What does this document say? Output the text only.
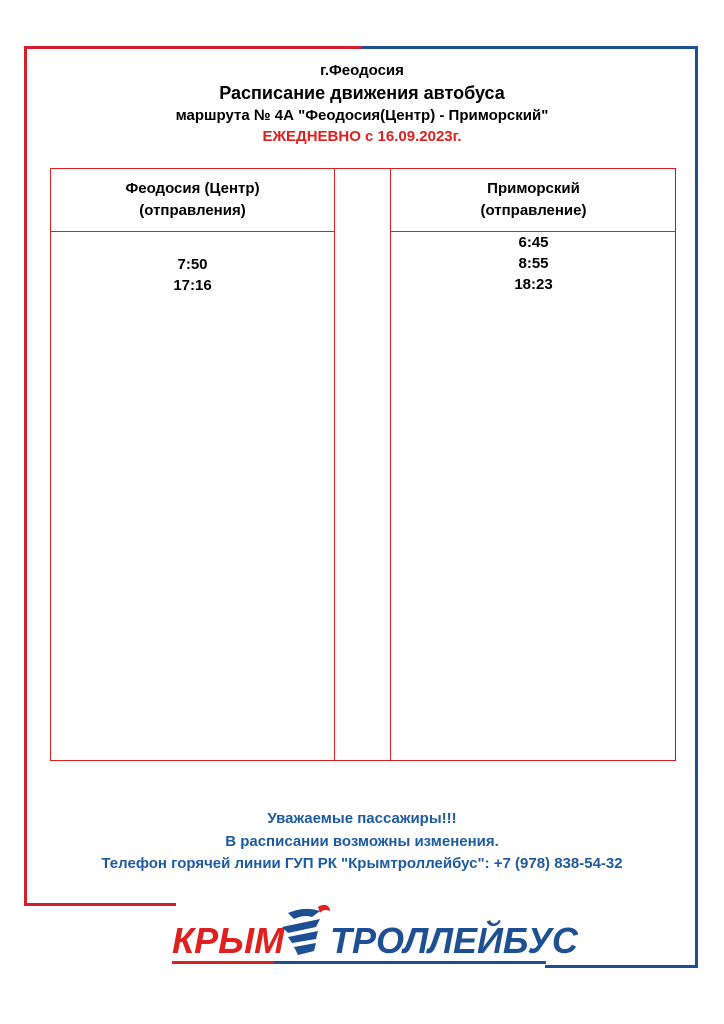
г.Феодосия
Расписание движения автобуса
маршрута № 4А "Феодосия(Центр) - Приморский"
ЕЖЕДНЕВНО с 16.09.2023г.
Феодосия (Центр)
(отправления)
Приморский
(отправление)
7:50
17:16
6:45
8:55
18:23
Уважаемые пассажиры!!!
В расписании возможны изменения.
Телефон горячей линии ГУП РК "Крымтроллейбус": +7 (978) 838-54-32
КРЫМ ТРОЛЛЕЙБУС
